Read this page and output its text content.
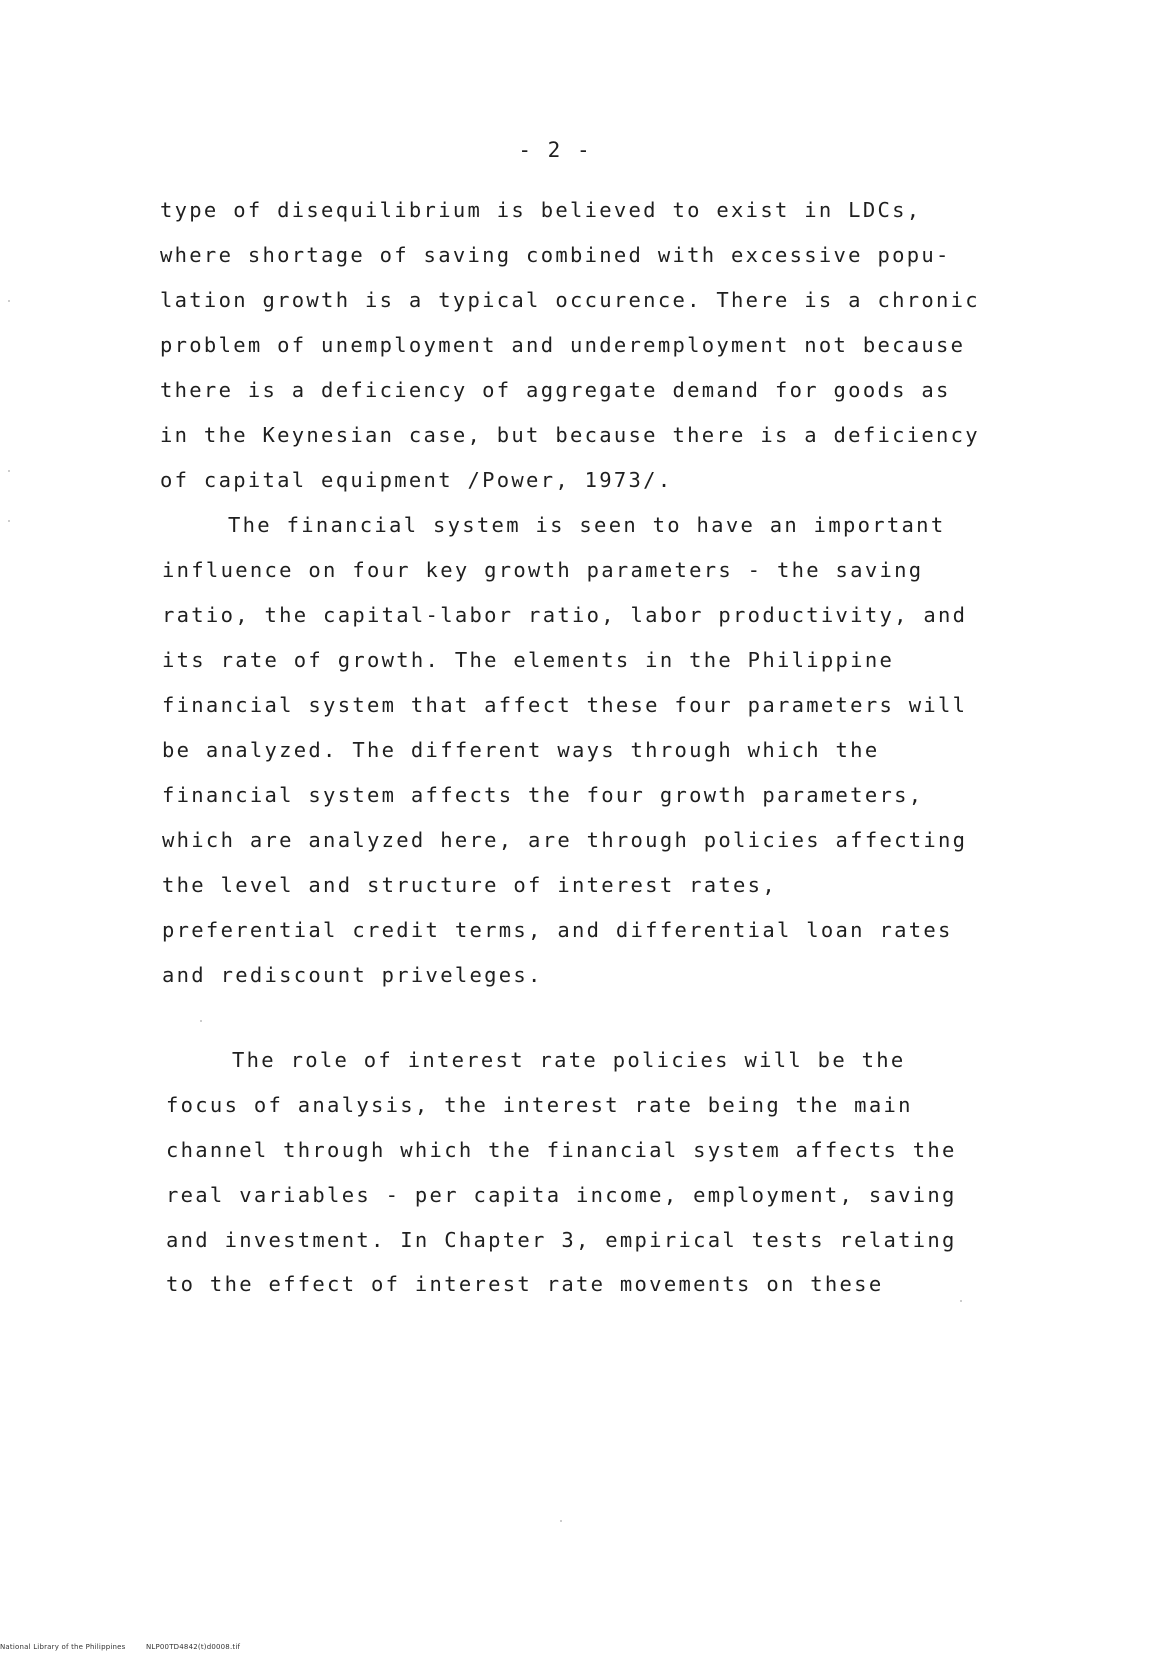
- 2 -
type of disequilibrium is believed to exist in LDCs,
where shortage of saving combined with excessive popu-
lation growth is a typical occurence. There is a chronic
problem of unemployment and underemployment not because
there is a deficiency of aggregate demand for goods as
in the Keynesian case, but because there is a deficiency
of capital equipment /Power, 1973/.
The financial system is seen to have an important
influence on four key growth parameters - the saving
ratio, the capital-labor ratio, labor productivity, and
its rate of growth. The elements in the Philippine
financial system that affect these four parameters will
be analyzed. The different ways through which the
financial system affects the four growth parameters,
which are analyzed here, are through policies affecting
the level and structure of interest rates,
preferential credit terms, and differential loan rates
and rediscount priveleges.
The role of interest rate policies will be the
focus of analysis, the interest rate being the main
channel through which the financial system affects the
real variables - per capita income, employment, saving
and investment. In Chapter 3, empirical tests relating
to the effect of interest rate movements on these
National Library of the Philippines	NLP00TD4842(t)d0008.tif
